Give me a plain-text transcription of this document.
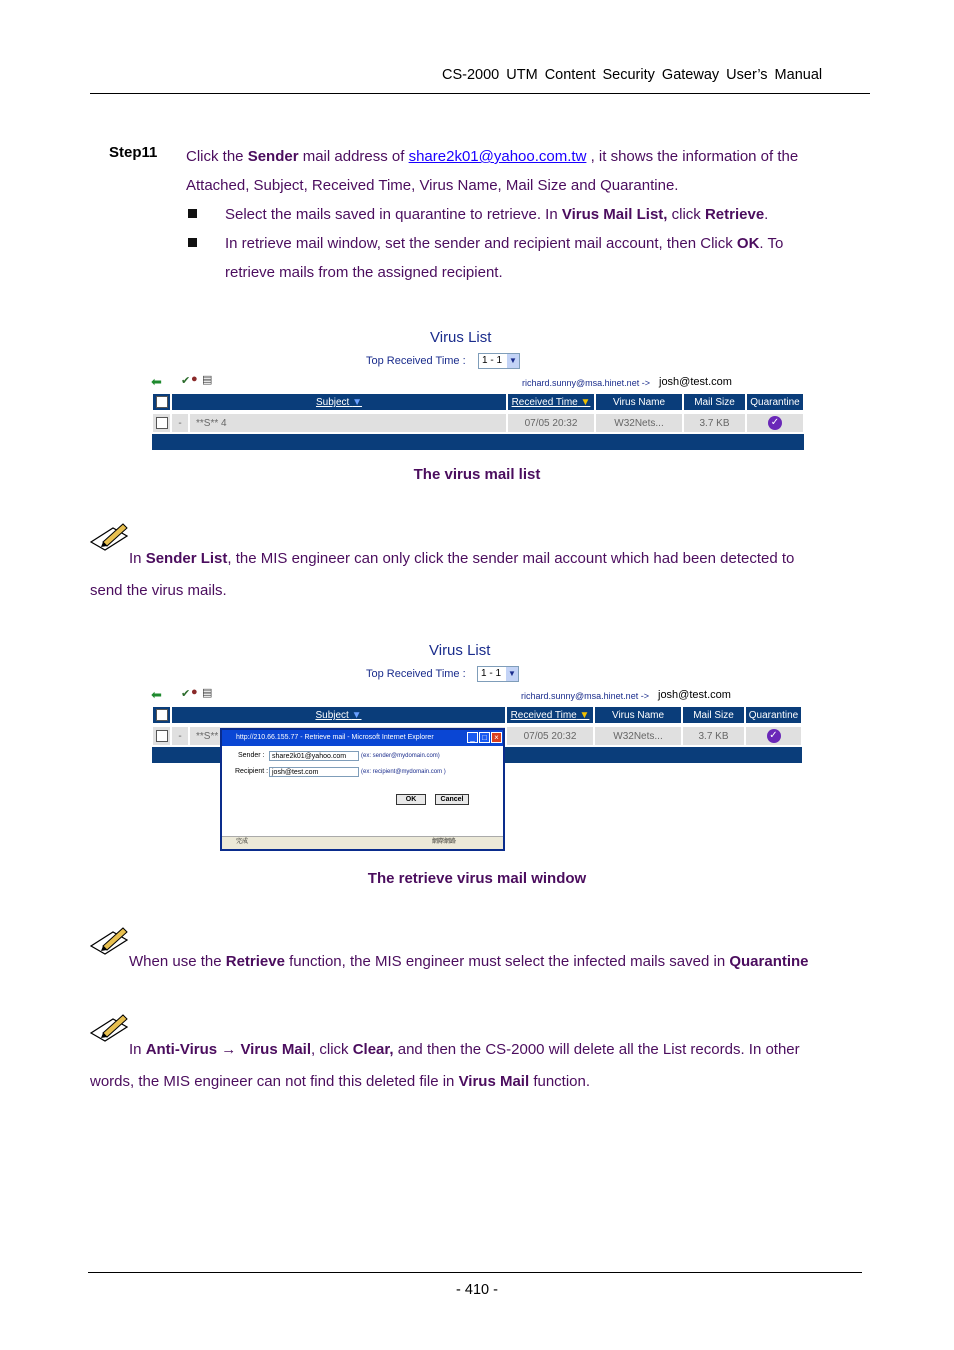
CS-2000 UTM Content Security Gateway User’s Manual
Step11 Click the Sender mail address of share2k01@yahoo.com.tw , it shows the information of the
Attached, Subject, Received Time, Virus Name, Mail Size and Quarantine.
Select the mails saved in quarantine to retrieve. In Virus Mail List, click Retrieve.
In retrieve mail window, set the sender and recipient mail account, then Click OK. To
retrieve mails from the assigned recipient.
Virus List
Top Received Time :	1 - 1 ▼
⬅ ✔ ● ▤	richard.sunny@msa.hinet.net -> josh@test.com
Subject ▼	Received Time ▼	Virus Name	Mail Size	Quarantine
-	**S** 4	07/05 20:32	W32Nets...	3.7 KB	✓
The virus mail list
In Sender List, the MIS engineer can only click the sender mail account which had been detected to
send the virus mails.
Virus List
Top Received Time :	1 - 1 ▼
⬅ ✔ ● ▤	richard.sunny@msa.hinet.net -> josh@test.com
Subject ▼	Received Time ▼	Virus Name	Mail Size	Quarantine
-	**S**	07/05 20:32	W32Nets...	3.7 KB	✓
http://210.66.155.77 - Retrieve mail - Microsoft Internet Explorer	_ □ ×
Sender :	share2k01@yahoo.com	(ex: sender@mydomain.com)
Recipient : josh@test.com	(ex: recipient@mydomain.com )
OK	Cancel
完成	網際網路
The retrieve virus mail window
When use the Retrieve function, the MIS engineer must select the infected mails saved in Quarantine
In Anti-Virus → Virus Mail, click Clear, and then the CS-2000 will delete all the List records. In other
words, the MIS engineer can not find this deleted file in Virus Mail function.
- 410 -
